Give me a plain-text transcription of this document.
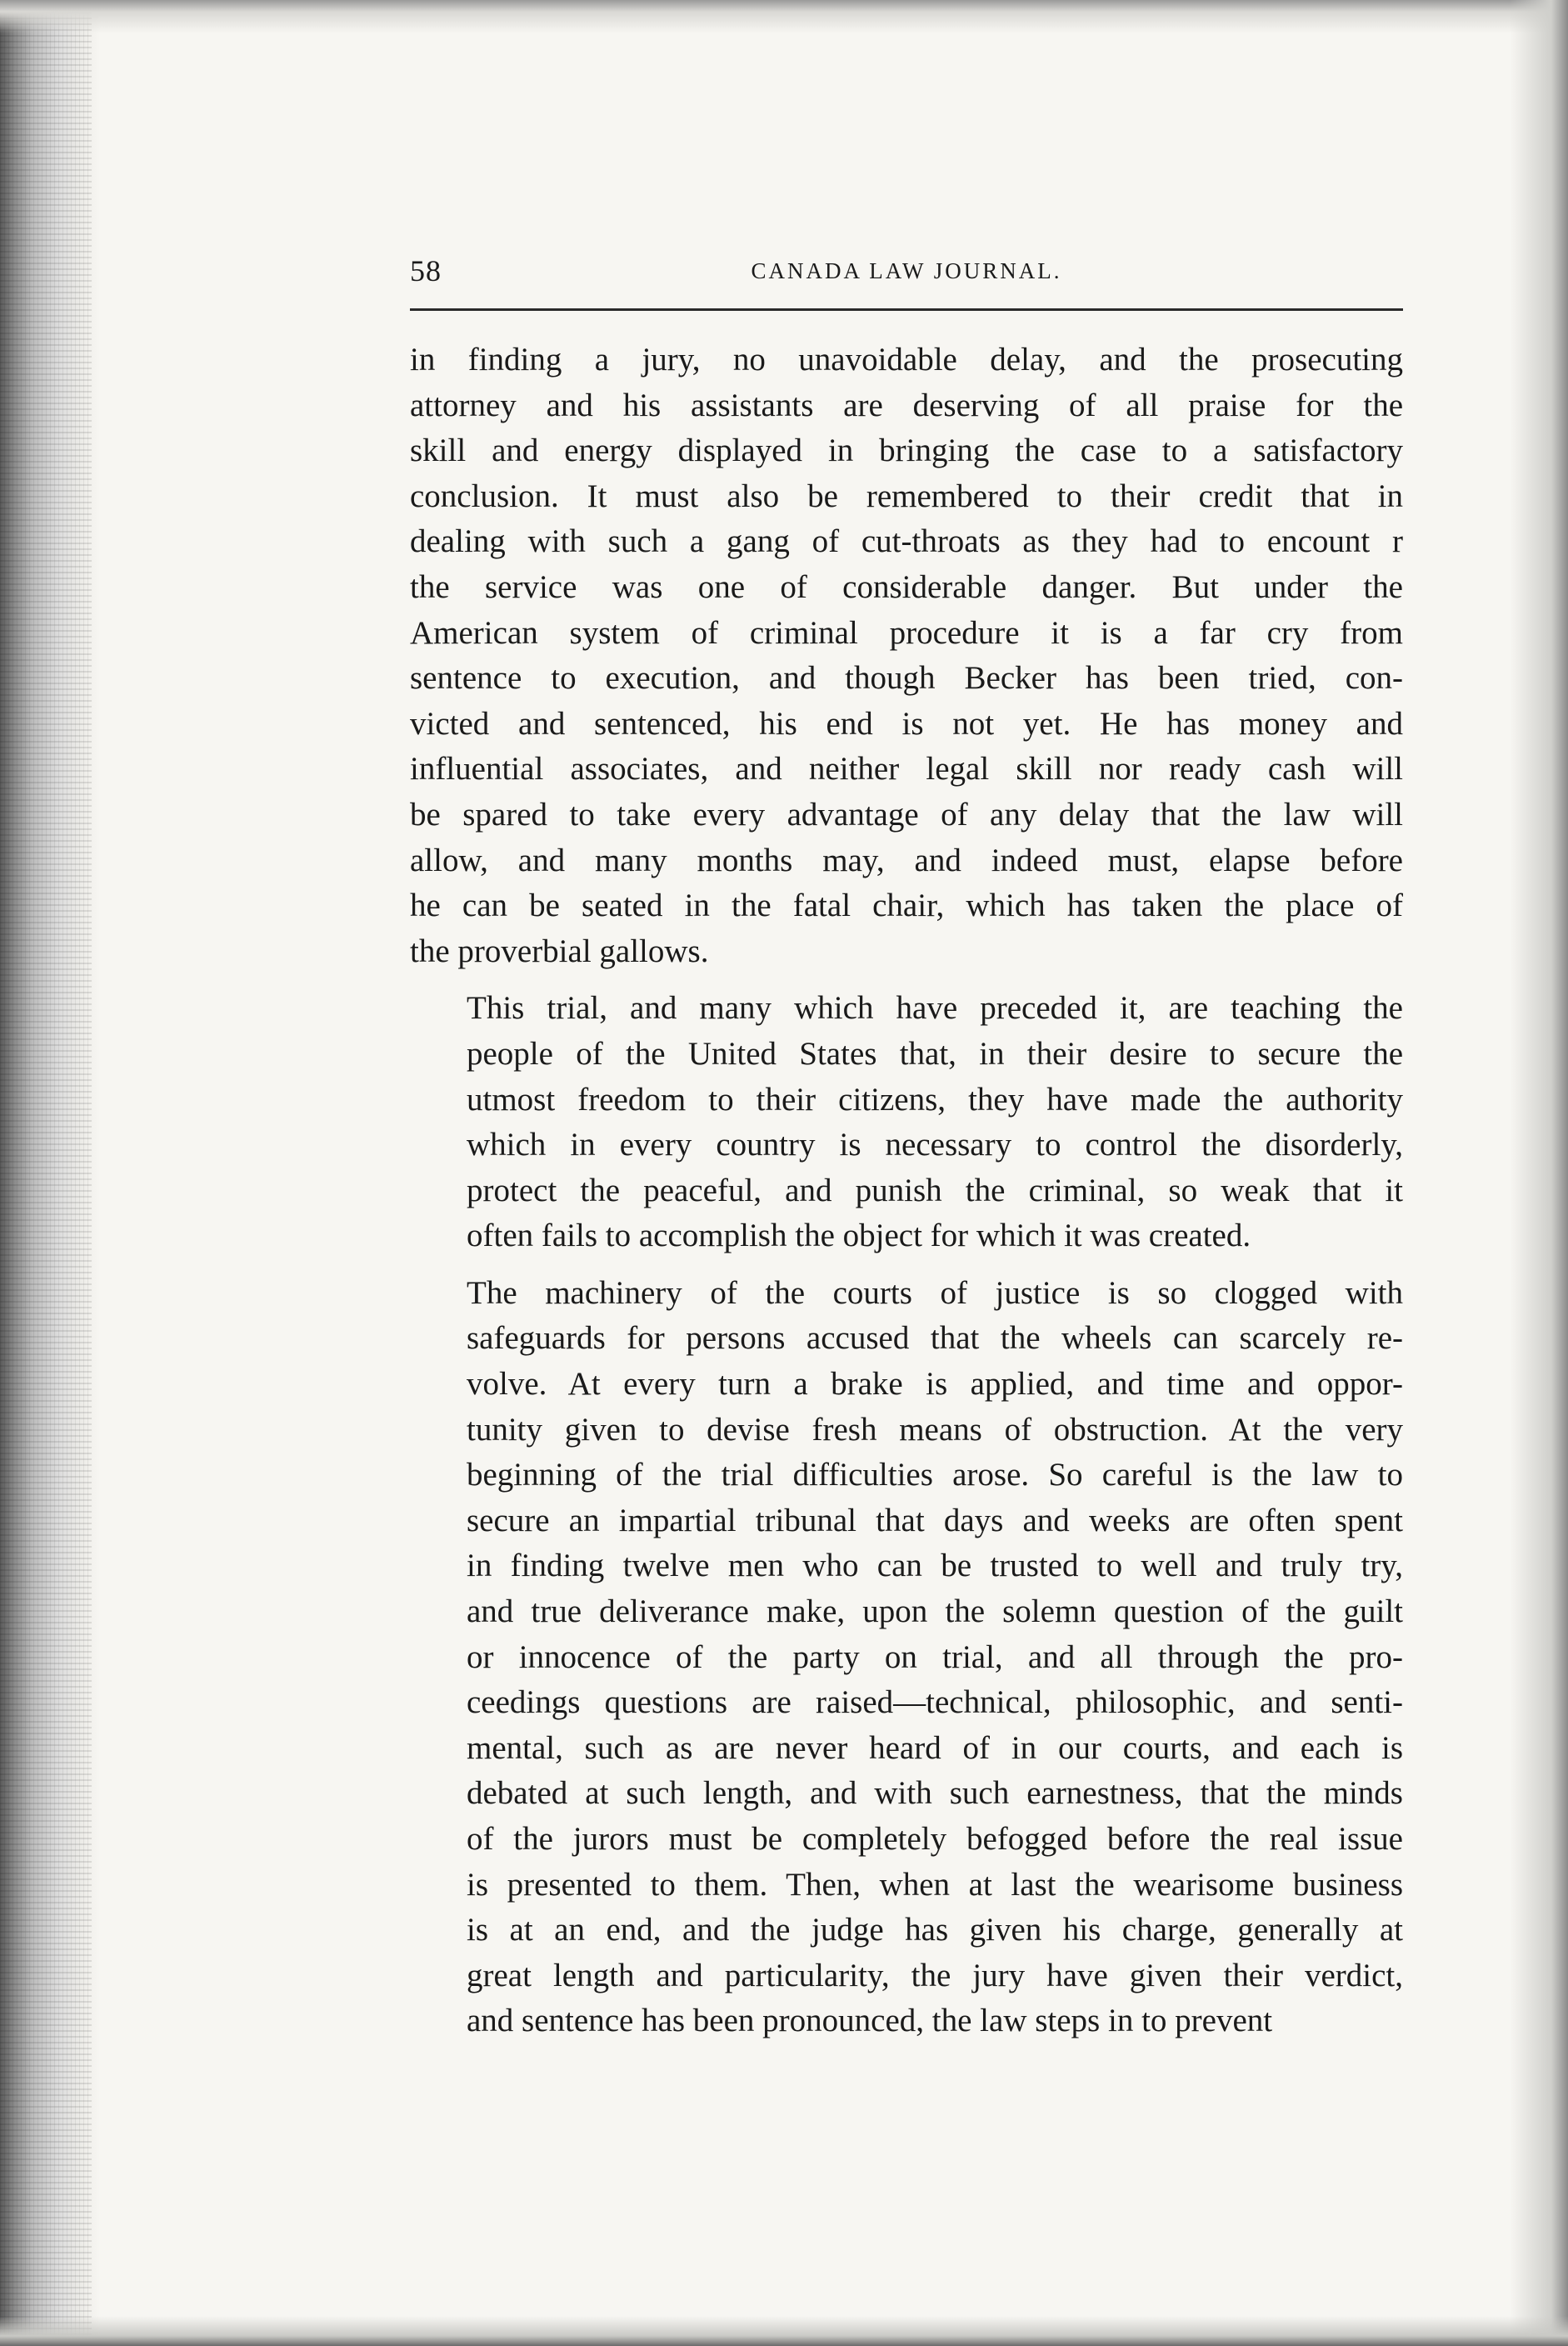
58	CANADA LAW JOURNAL.

in finding a jury, no unavoidable delay, and the prosecuting
attorney and his assistants are deserving of all praise for the
skill and energy displayed in bringing the case to a satisfactory
conclusion. It must also be remembered to their credit that in
dealing with such a gang of cut-throats as they had to encount r
the service was one of considerable danger. But under the
American system of criminal procedure it is a far cry from
sentence to execution, and though Becker has been tried, con-
victed and sentenced, his end is not yet. He has money and
influential associates, and neither legal skill nor ready cash will
be spared to take every advantage of any delay that the law will
allow, and many months may, and indeed must, elapse before
he can be seated in the fatal chair, which has taken the place of
the proverbial gallows.

This trial, and many which have preceded it, are teaching the
people of the United States that, in their desire to secure the
utmost freedom to their citizens, they have made the authority
which in every country is necessary to control the disorderly,
protect the peaceful, and punish the criminal, so weak that it
often fails to accomplish the object for which it was created.

The machinery of the courts of justice is so clogged with
safeguards for persons accused that the wheels can scarcely re-
volve. At every turn a brake is applied, and time and oppor-
tunity given to devise fresh means of obstruction. At the very
beginning of the trial difficulties arose. So careful is the law to
secure an impartial tribunal that days and weeks are often spent
in finding twelve men who can be trusted to well and truly try,
and true deliverance make, upon the solemn question of the guilt
or innocence of the party on trial, and all through the pro-
ceedings questions are raised—technical, philosophic, and senti-
mental, such as are never heard of in our courts, and each is
debated at such length, and with such earnestness, that the minds
of the jurors must be completely befogged before the real issue
is presented to them. Then, when at last the wearisome business
is at an end, and the judge has given his charge, generally at
great length and particularity, the jury have given their verdict,
and sentence has been pronounced, the law steps in to prevent
